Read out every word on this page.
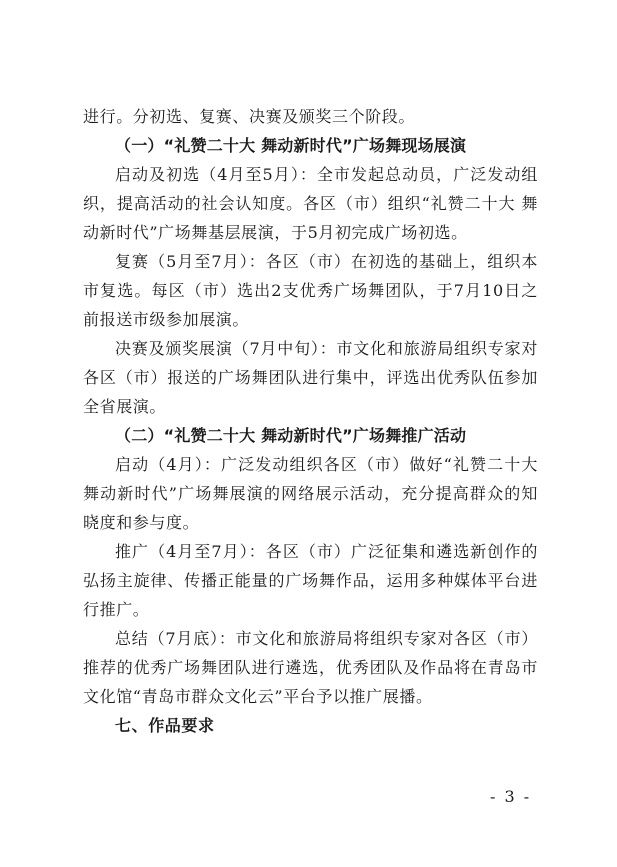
进行。分初选、复赛、决赛及颁奖三个阶段。

（一）“礼赞二十大 舞动新时代”广场舞现场展演

启动及初选（4月至5月）：全市发起总动员，广泛发动组织，提高活动的社会认知度。各区（市）组织“礼赞二十大 舞动新时代”广场舞基层展演，于5月初完成广场初选。

复赛（5月至7月）：各区（市）在初选的基础上，组织本市复选。每区（市）选出2支优秀广场舞团队，于7月10日之前报送市级参加展演。

决赛及颁奖展演（7月中旬）：市文化和旅游局组织专家对各区（市）报送的广场舞团队进行集中，评选出优秀队伍参加全省展演。

（二）“礼赞二十大 舞动新时代”广场舞推广活动

启动（4月）：广泛发动组织各区（市）做好“礼赞二十大 舞动新时代”广场舞展演的网络展示活动，充分提高群众的知晓度和参与度。

推广（4月至7月）：各区（市）广泛征集和遴选新创作的弘扬主旋律、传播正能量的广场舞作品，运用多种媒体平台进行推广。

总结（7月底）：市文化和旅游局将组织专家对各区（市）推荐的优秀广场舞团队进行遴选，优秀团队及作品将在青岛市文化馆“青岛市群众文化云”平台予以推广展播。

七、作品要求

- 3 -
